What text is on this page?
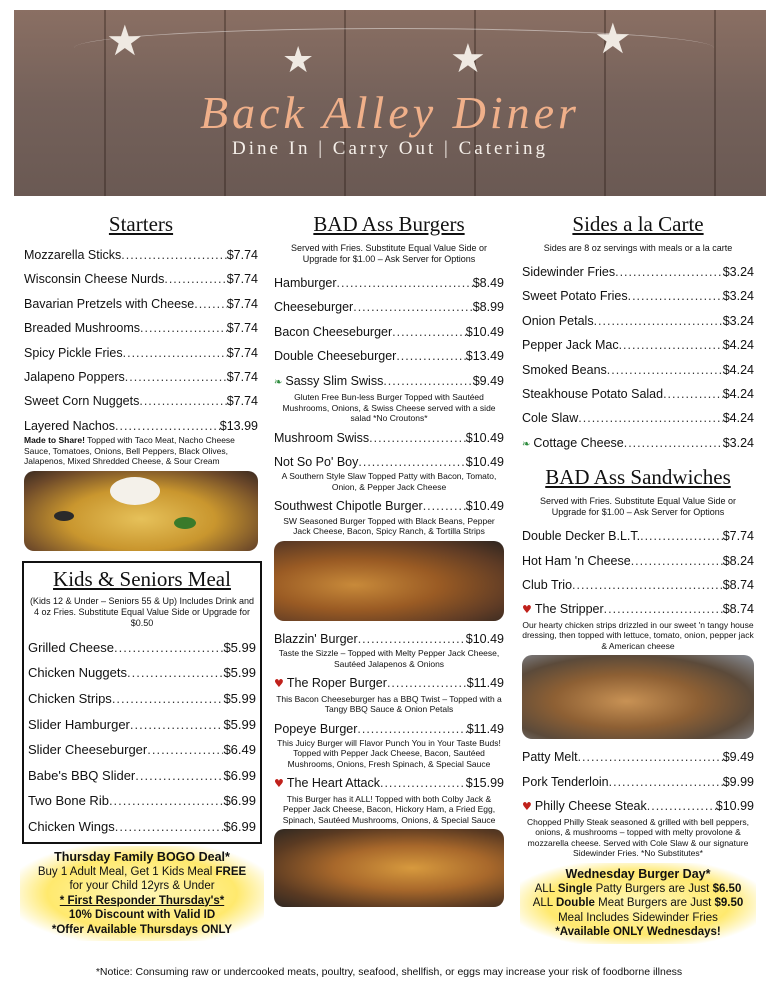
★	★	★	★
Back Alley Diner
Dine In | Carry Out | Catering
Starters
Mozzarella Sticks .....	$7.74
Wisconsin Cheese Nurds .....	$7.74
Bavarian Pretzels with Cheese .....	$7.74
Breaded Mushrooms .....	$7.74
Spicy Pickle Fries .....	$7.74
Jalapeno Poppers .....	$7.74
Sweet Corn Nuggets .....	$7.74
Layered Nachos .....	$13.99
Made to Share! Topped with Taco Meat, Nacho Cheese Sauce, Tomatoes, Onions, Bell Peppers, Black Olives, Jalapenos, Mixed Shredded Cheese, & Sour Cream
Kids & Seniors Meal
(Kids 12 & Under – Seniors 55 & Up) Includes Drink and 4 oz Fries. Substitute Equal Value Side or Upgrade for $0.50
Grilled Cheese .....	$5.99
Chicken Nuggets .....	$5.99
Chicken Strips .....	$5.99
Slider Hamburger .....	$5.99
Slider Cheeseburger .....	$6.49
Babe's BBQ Slider .....	$6.99
Two Bone Rib .....	$6.99
Chicken Wings .....	$6.99
BAD Ass Burgers
Served with Fries. Substitute Equal Value Side or Upgrade for $1.00 – Ask Server for Options
Hamburger .....	$8.49
Cheeseburger .....	$8.99
Bacon Cheeseburger .....	$10.49
Double Cheeseburger .....	$13.49
❧ Sassy Slim Swiss .....	$9.49
Gluten Free Bun-less Burger Topped with Sautéed Mushrooms, Onions, & Swiss Cheese served with a side salad *No Croutons*
Mushroom Swiss .....	$10.49
Not So Po' Boy .....	$10.49
A Southern Style Slaw Topped Patty with Bacon, Tomato, Onion, & Pepper Jack Cheese
Southwest Chipotle Burger .....	$10.49
SW Seasoned Burger Topped with Black Beans, Pepper Jack Cheese, Bacon, Spicy Ranch, & Tortilla Strips
Blazzin' Burger .....	$10.49
Taste the Sizzle – Topped with Melty Pepper Jack Cheese, Sautéed Jalapenos & Onions
♥ The Roper Burger .....	$11.49
This Bacon Cheeseburger has a BBQ Twist – Topped with a Tangy BBQ Sauce & Onion Petals
Popeye Burger .....	$11.49
This Juicy Burger will Flavor Punch You in Your Taste Buds! Topped with Pepper Jack Cheese, Bacon, Sautéed Mushrooms, Onions, Fresh Spinach, & Special Sauce
♥ The Heart Attack .....	$15.99
This Burger has it ALL! Topped with both Colby Jack & Pepper Jack Cheese, Bacon, Hickory Ham, a Fried Egg, Spinach, Sautéed Mushrooms, Onions, & Special Sauce
Sides a la Carte
Sides are 8 oz servings with meals or a la carte
Sidewinder Fries .....	$3.24
Sweet Potato Fries .....	$3.24
Onion Petals .....	$3.24
Pepper Jack Mac .....	$4.24
Smoked Beans .....	$4.24
Steakhouse Potato Salad .....	$4.24
Cole Slaw .....	$4.24
❧ Cottage Cheese .....	$3.24
BAD Ass Sandwiches
Served with Fries. Substitute Equal Value Side or Upgrade for $1.00 – Ask Server for Options
Double Decker B.L.T. .....	$7.74
Hot Ham 'n Cheese .....	$8.24
Club Trio .....	$8.74
♥ The Stripper .....	$8.74
Our hearty chicken strips drizzled in our sweet 'n tangy house dressing, then topped with lettuce, tomato, onion, pepper jack & American cheese
Patty Melt .....	$9.49
Pork Tenderloin .....	$9.99
♥ Philly Cheese Steak .....	$10.99
Chopped Philly Steak seasoned & grilled with bell peppers, onions, & mushrooms – topped with melty provolone & mozzarella cheese. Served with Cole Slaw & our signature Sidewinder Fries. *No Substitutes*
Thursday Family BOGO Deal*
Buy 1 Adult Meal, Get 1 Kids Meal FREE
for your Child 12yrs & Under
* First Responder Thursday's*
10% Discount with Valid ID
*Offer Available Thursdays ONLY
Wednesday Burger Day*
ALL Single Patty Burgers are Just $6.50
ALL Double Meat Burgers are Just $9.50
Meal Includes Sidewinder Fries
*Available ONLY Wednesdays!
*Notice: Consuming raw or undercooked meats, poultry, seafood, shellfish, or eggs may increase your risk of foodborne illness
